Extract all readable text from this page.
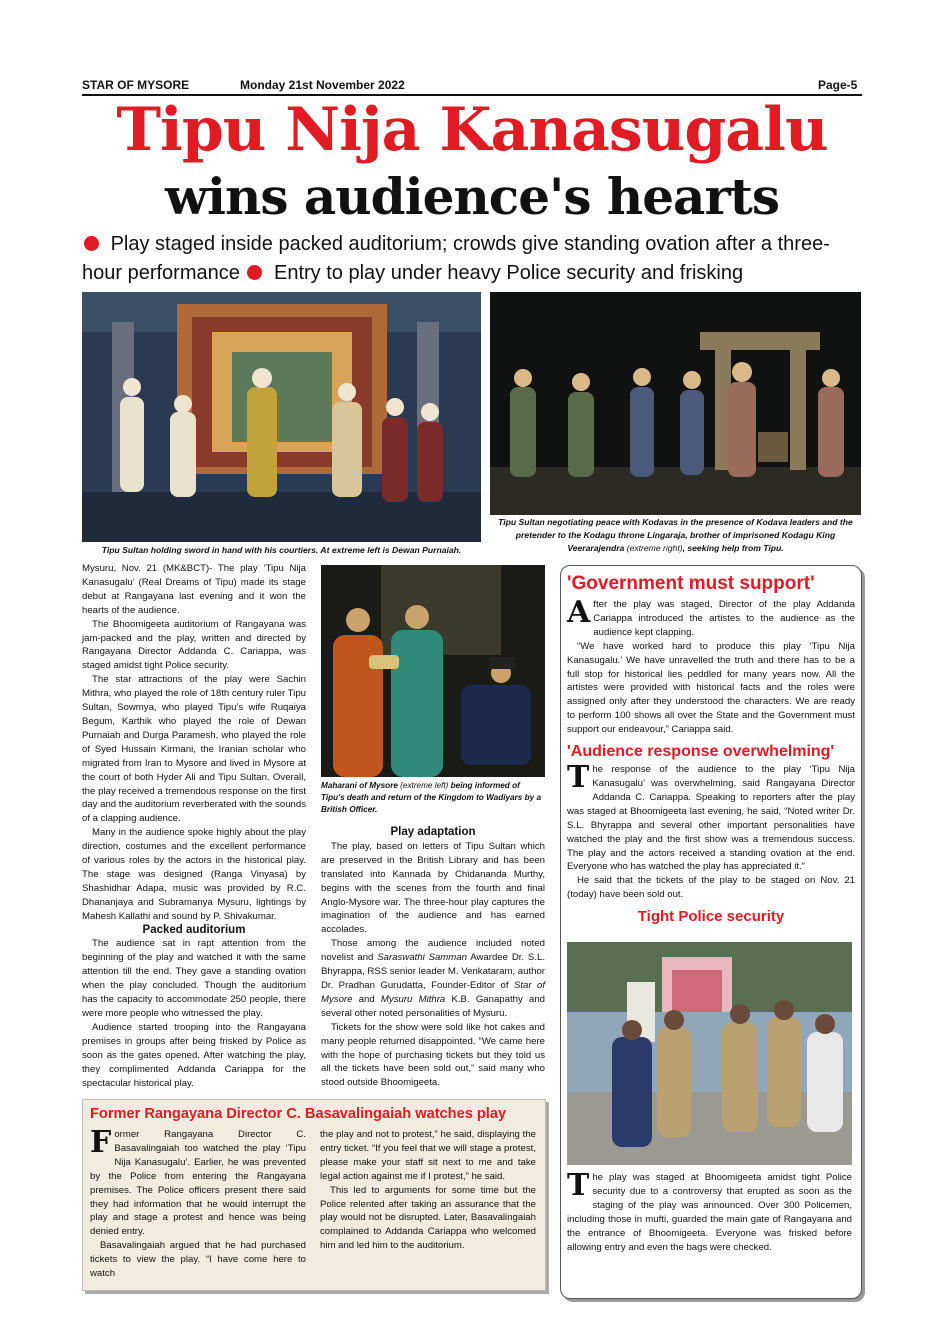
STAR OF MYSORE	Monday 21st November 2022	Page-5
Tipu Nija Kanasugalu
wins audience's hearts
Play staged inside packed auditorium; crowds give standing ovation after a three-hour performance Entry to play under heavy Police security and frisking
Tipu Sultan holding sword in hand with his courtiers. At extreme left is Dewan Purnaiah.
Tipu Sultan negotiating peace with Kodavas in the presence of Kodava leaders and the pretender to the Kodagu throne Lingaraja, brother of imprisoned Kodagu King Veerarajendra (extreme right), seeking help from Tipu.

Mysuru, Nov. 21 (MK&BCT)- The play ‘Tipu Nija Kanasugalu’ (Real Dreams of Tipu) made its stage debut at Rangayana last evening and it won the hearts of the audience.

The Bhoomigeeta auditorium of Rangayana was jam-packed and the play, written and directed by Rangayana Director Addanda C. Cariappa, was staged amidst tight Police security.

The star attractions of the play were Sachin Mithra, who played the role of 18th century ruler Tipu Sultan, Sowmya, who played Tipu’s wife Ruqaiya Begum, Karthik who played the role of Dewan Purnaiah and Durga Paramesh, who played the role of Syed Hussain Kirmani, the Iranian scholar who migrated from Iran to Mysore and lived in Mysore at the court of both Hyder Ali and Tipu Sultan. Overall, the play received a tremendous response on the first day and the auditorium reverberated with the sounds of a clapping audience.

Many in the audience spoke highly about the play direction, costumes and the excellent performance of various roles by the actors in the historical play. The stage was designed (Ranga Vinyasa) by Shashidhar Adapa, music was provided by R.C. Dhananjaya and Subramanya Mysuru, lightings by Mahesh Kallathi and sound by P. Shivakumar.

Packed auditorium

The audience sat in rapt attention from the beginning of the play and watched it with the same attention till the end. They gave a standing ovation when the play concluded. Though the auditorium has the capacity to accommodate 250 people, there were more people who witnessed the play.

Audience started trooping into the Rangayana premises in groups after being frisked by Police as soon as the gates opened. After watching the play, they complimented Addanda Cariappa for the spectacular historical play.

Maharani of Mysore (extreme left) being informed of Tipu's death and return of the Kingdom to Wadiyars by a British Officer.

Play adaptation

The play, based on letters of Tipu Sultan which are preserved in the British Library and has been translated into Kannada by Chidananda Murthy, begins with the scenes from the fourth and final Anglo-Mysore war. The three-hour play captures the imagination of the audience and has earned accolades.

Those among the audience included noted novelist and Saraswathi Samman Awardee Dr. S.L. Bhyrappa, RSS senior leader M. Venkataram, author Dr. Pradhan Gurudatta, Founder-Editor of Star of Mysore and Mysuru Mithra K.B. Ganapathy and several other noted personalities of Mysuru.

Tickets for the show were sold like hot cakes and many people returned disappointed. “We came here with the hope of purchasing tickets but they told us all the tickets have been sold out,” said many who stood outside Bhoomigeeta.

'Government must support'
After the play was staged, Director of the play Addanda Cariappa introduced the artistes to the audience as the audience kept clapping.

“We have worked hard to produce this play ‘Tipu Nija Kanasugalu.’ We have unravelled the truth and there has to be a full stop for historical lies peddled for many years now. All the artistes were provided with historical facts and the roles were assigned only after they understood the characters. We are ready to perform 100 shows all over the State and the Government must support our endeavour,” Cariappa said.

'Audience response overwhelming'
The response of the audience to the play ‘Tipu Nija Kanasugalu’ was overwhelming, said Rangayana Director Addanda C. Cariappa. Speaking to reporters after the play was staged at Bhoomigeeta last evening, he said, “Noted writer Dr. S.L. Bhyrappa and several other important personalities have watched the play and the first show was a tremendous success. The play and the actors received a standing ovation at the end. Everyone who has watched the play has appreciated it.”

He said that the tickets of the play to be staged on Nov. 21 (today) have been sold out.

Tight Police security
The play was staged at Bhoomigeeta amidst tight Police security due to a controversy that erupted as soon as the staging of the play was announced. Over 300 Policemen, including those in mufti, guarded the main gate of Rangayana and the entrance of Bhoomigeeta. Everyone was frisked before allowing entry and even the bags were checked.
Former Rangayana Director C. Basavalingaiah watches play
Former Rangayana Director C. Basavalingaiah too watched the play ‘Tipu Nija Kanasugalu’. Earlier, he was prevented by the Police from entering the Rangayana premises. The Police officers present there said they had information that he would interrupt the play and stage a protest and hence was being denied entry.

Basavalingaiah argued that he had purchased tickets to view the play. “I have come here to watch

the play and not to protest,” he said, displaying the entry ticket. “If you feel that we will stage a protest, please make your staff sit next to me and take legal action against me if I protest,” he said.

This led to arguments for some time but the Police relented after taking an assurance that the play would not be disrupted. Later, Basavalingaiah complained to Addanda Cariappa who welcomed him and led him to the auditorium.
